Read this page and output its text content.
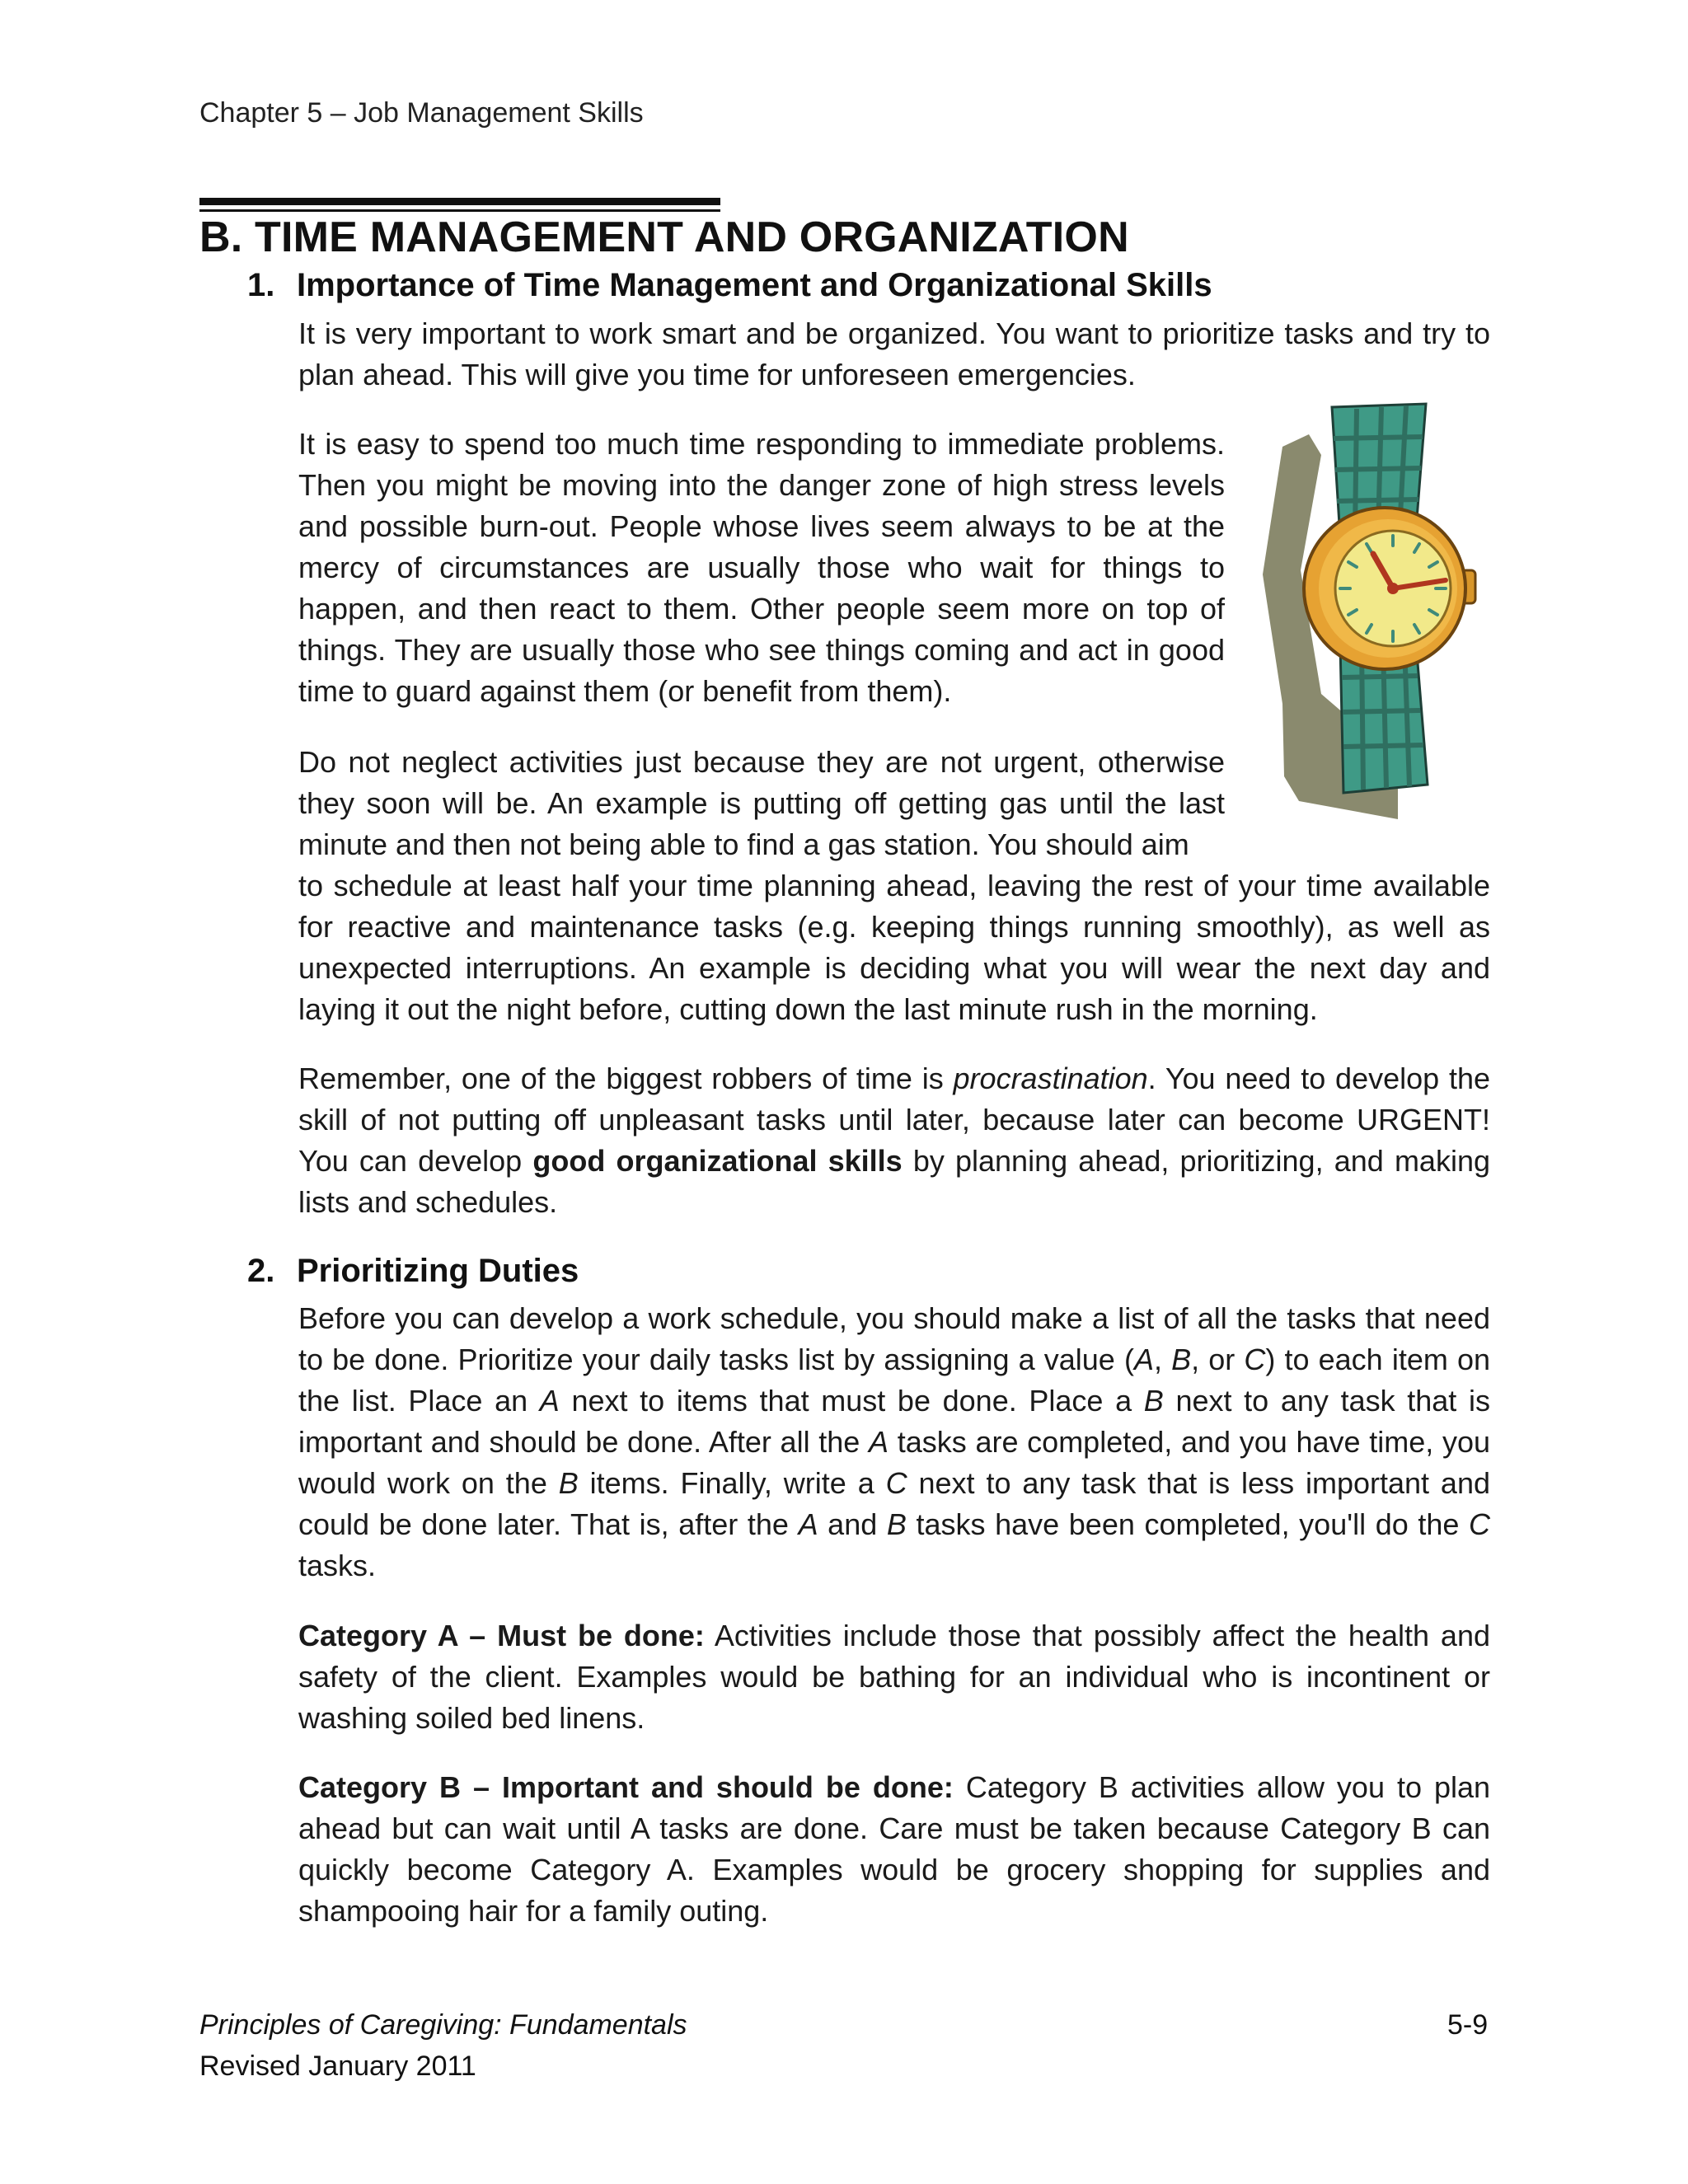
Chapter 5 – Job Management Skills
B. TIME MANAGEMENT AND ORGANIZATION
1. Importance of Time Management and Organizational Skills

It is very important to work smart and be organized. You want to prioritize tasks and try to plan ahead. This will give you time for unforeseen emergencies.

It is easy to spend too much time responding to immediate problems. Then you might be moving into the danger zone of high stress levels and possible burn-out. People whose lives seem always to be at the mercy of circumstances are usually those who wait for things to happen, and then react to them. Other people seem more on top of things. They are usually those who see things coming and act in good time to guard against them (or benefit from them).

Do not neglect activities just because they are not urgent, otherwise they soon will be. An example is putting off getting gas until the last minute and then not being able to find a gas station. You should aim

to schedule at least half your time planning ahead, leaving the rest of your time available for reactive and maintenance tasks (e.g. keeping things running smoothly), as well as unexpected interruptions. An example is deciding what you will wear the next day and laying it out the night before, cutting down the last minute rush in the morning.

Remember, one of the biggest robbers of time is procrastination. You need to develop the skill of not putting off unpleasant tasks until later, because later can become URGENT! You can develop good organizational skills by planning ahead, prioritizing, and making lists and schedules.

2. Prioritizing Duties

Before you can develop a work schedule, you should make a list of all the tasks that need to be done. Prioritize your daily tasks list by assigning a value (A, B, or C) to each item on the list. Place an A next to items that must be done. Place a B next to any task that is important and should be done. After all the A tasks are completed, and you have time, you would work on the B items. Finally, write a C next to any task that is less important and could be done later. That is, after the A and B tasks have been completed, you'll do the C tasks.

Category A – Must be done: Activities include those that possibly affect the health and safety of the client. Examples would be bathing for an individual who is incontinent or washing soiled bed linens.

Category B – Important and should be done: Category B activities allow you to plan ahead but can wait until A tasks are done. Care must be taken because Category B can quickly become Category A. Examples would be grocery shopping for supplies and shampooing hair for a family outing.

Principles of Caregiving: Fundamentals
Revised January 2011
5-9
